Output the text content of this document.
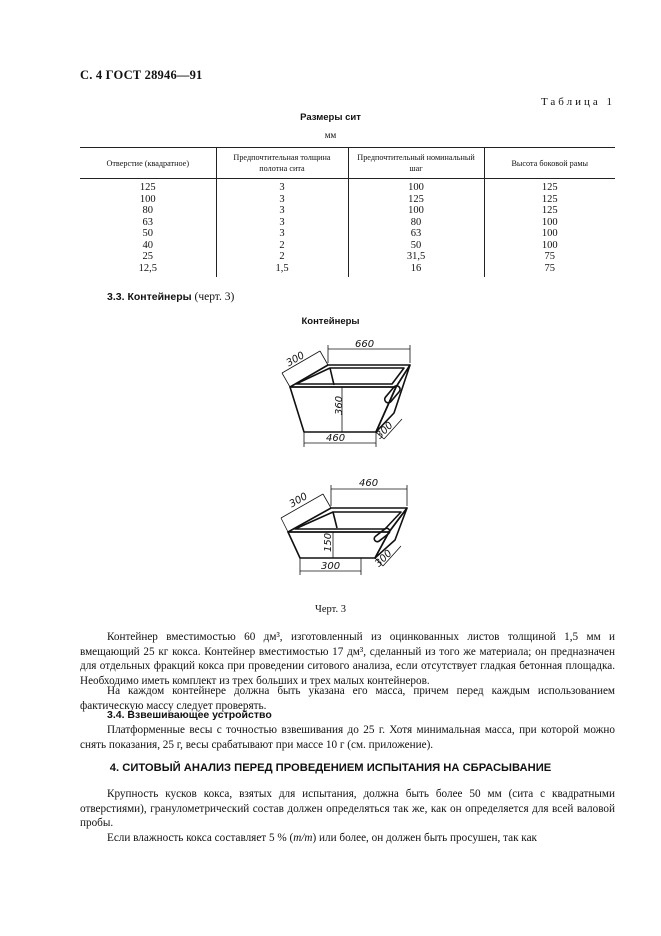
С. 4 ГОСТ 28946—91
Таблица 1
Размеры сит
мм
Отверстие (квадратное)	Предпочтительная толщина полотна сита	Предпочтительный номинальный шаг	Высота боковой рамы
125	3	100	125
100	3	125	125
80	3	100	125
63	3	80	100
50	3	63	100
40	2	50	100
25	2	31,5	75
12,5	1,5	16	75
3.3. Контейнеры (черт. 3)
Контейнеры
660
300
360
460	300
460
300
150
300	300
Черт. 3
Контейнер вместимостью 60 дм³, изготовленный из оцинкованных листов толщиной 1,5 мм и вмещающий 25 кг кокса. Контейнер вместимостью 17 дм³, сделанный из того же материала; он предназначен для отдельных фракций кокса при проведении ситового анализа, если отсутствует гладкая бетонная площадка. Необходимо иметь комплект из трех больших и трех малых контейнеров.
На каждом контейнере должна быть указана его масса, причем перед каждым использованием фактическую массу следует проверять.
3.4. Взвешивающее устройство
Платформенные весы с точностью взвешивания до 25 г. Хотя минимальная масса, при которой можно снять показания, 25 г, весы срабатывают при массе 10 г (см. приложение).
4. СИТОВЫЙ АНАЛИЗ ПЕРЕД ПРОВЕДЕНИЕМ ИСПЫТАНИЯ НА СБРАСЫВАНИЕ
Крупность кусков кокса, взятых для испытания, должна быть более 50 мм (сита с квадратными отверстиями), гранулометрический состав должен определяться так же, как он определяется для всей валовой пробы.
Если влажность кокса составляет 5 % (m/m) или более, он должен быть просушен, так как
